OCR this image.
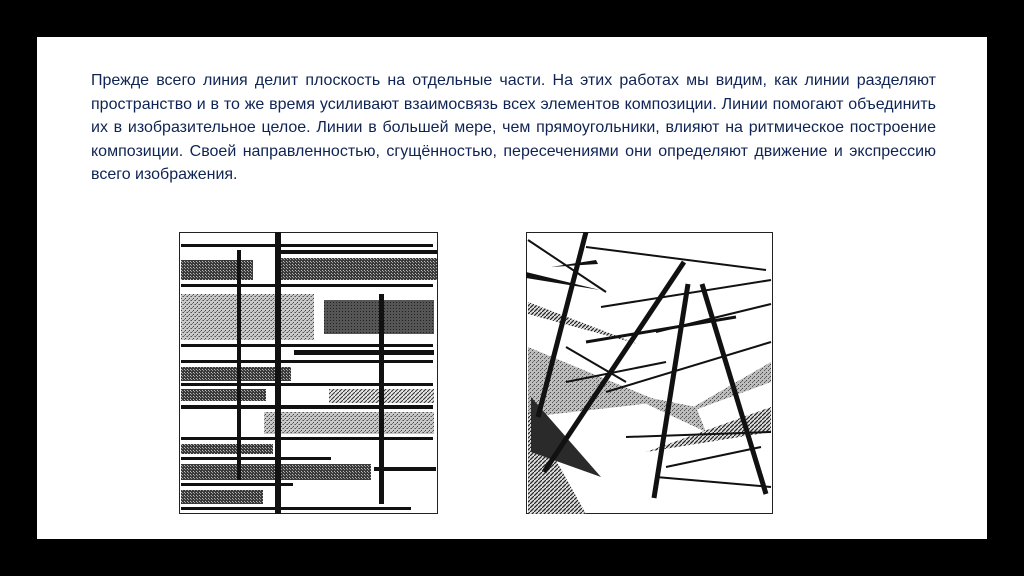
Прежде всего линия делит плоскость на отдельные части. На этих работах мы видим, как линии разделяют пространство и в то же время усиливают взаимосвязь всех элементов композиции. Линии помогают объединить их в изобразительное целое. Линии в большей мере, чем прямоугольники, влияют на ритмическое построение композиции. Своей направленностью, сгущённостью, пересечениями они определяют движение и экспрессию всего изображения.
